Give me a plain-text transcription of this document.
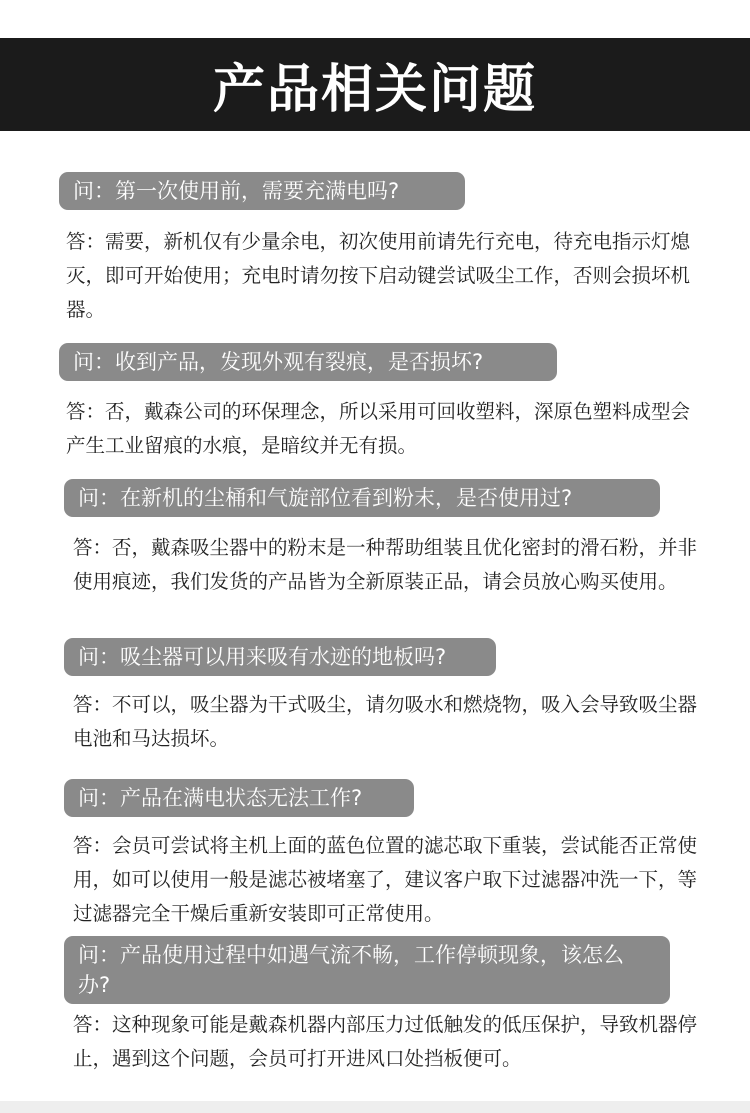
产品相关问题
问：第一次使用前，需要充满电吗?
答：需要，新机仅有少量余电，初次使用前请先行充电，待充电指示灯熄灭，即可开始使用；充电时请勿按下启动键尝试吸尘工作，否则会损坏机器。
问：收到产品，发现外观有裂痕，是否损坏?
答：否，戴森公司的环保理念，所以采用可回收塑料，深原色塑料成型会产生工业留痕的水痕，是暗纹并无有损。
问：在新机的尘桶和气旋部位看到粉末，是否使用过?
答：否，戴森吸尘器中的粉末是一种帮助组装且优化密封的滑石粉，并非使用痕迹，我们发货的产品皆为全新原装正品，请会员放心购买使用。
问：吸尘器可以用来吸有水迹的地板吗?
答：不可以，吸尘器为干式吸尘，请勿吸水和燃烧物，吸入会导致吸尘器电池和马达损坏。
问：产品在满电状态无法工作?
答：会员可尝试将主机上面的蓝色位置的滤芯取下重装，尝试能否正常使用，如可以使用一般是滤芯被堵塞了，建议客户取下过滤器冲洗一下，等过滤器完全干燥后重新安装即可正常使用。
问：产品使用过程中如遇气流不畅，工作停顿现象，该怎么办?
答：这种现象可能是戴森机器内部压力过低触发的低压保护，导致机器停止，遇到这个问题，会员可打开进风口处挡板便可。
